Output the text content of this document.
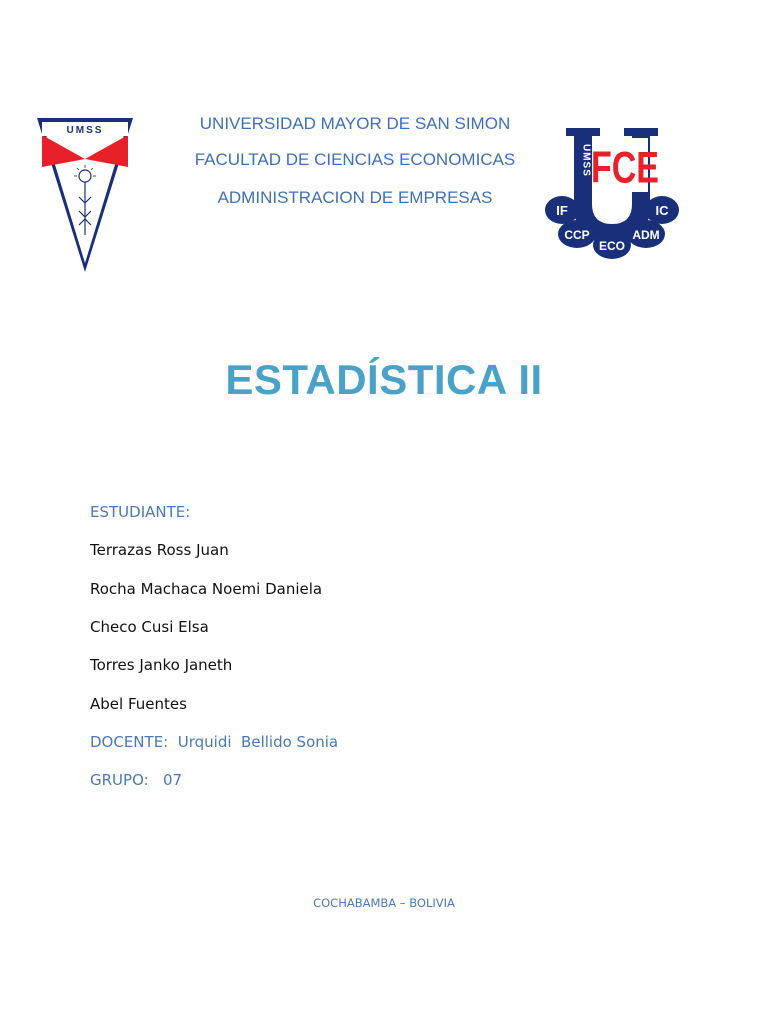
UMSS	UNIVERSIDAD MAYOR DE SAN SIMON
FACULTAD DE CIENCIAS ECONOMICAS
ADMINISTRACION DE EMPRESAS
UMSS FCE
IF	IC
CCP	ADM
ECO
ESTADÍSTICA II
ESTUDIANTE:
Terrazas Ross Juan
Rocha Machaca Noemi Daniela
Checo Cusi Elsa
Torres Janko Janeth
Abel Fuentes
DOCENTE:  Urquidi  Bellido Sonia
GRUPO:   07
COCHABAMBA – BOLIVIA
